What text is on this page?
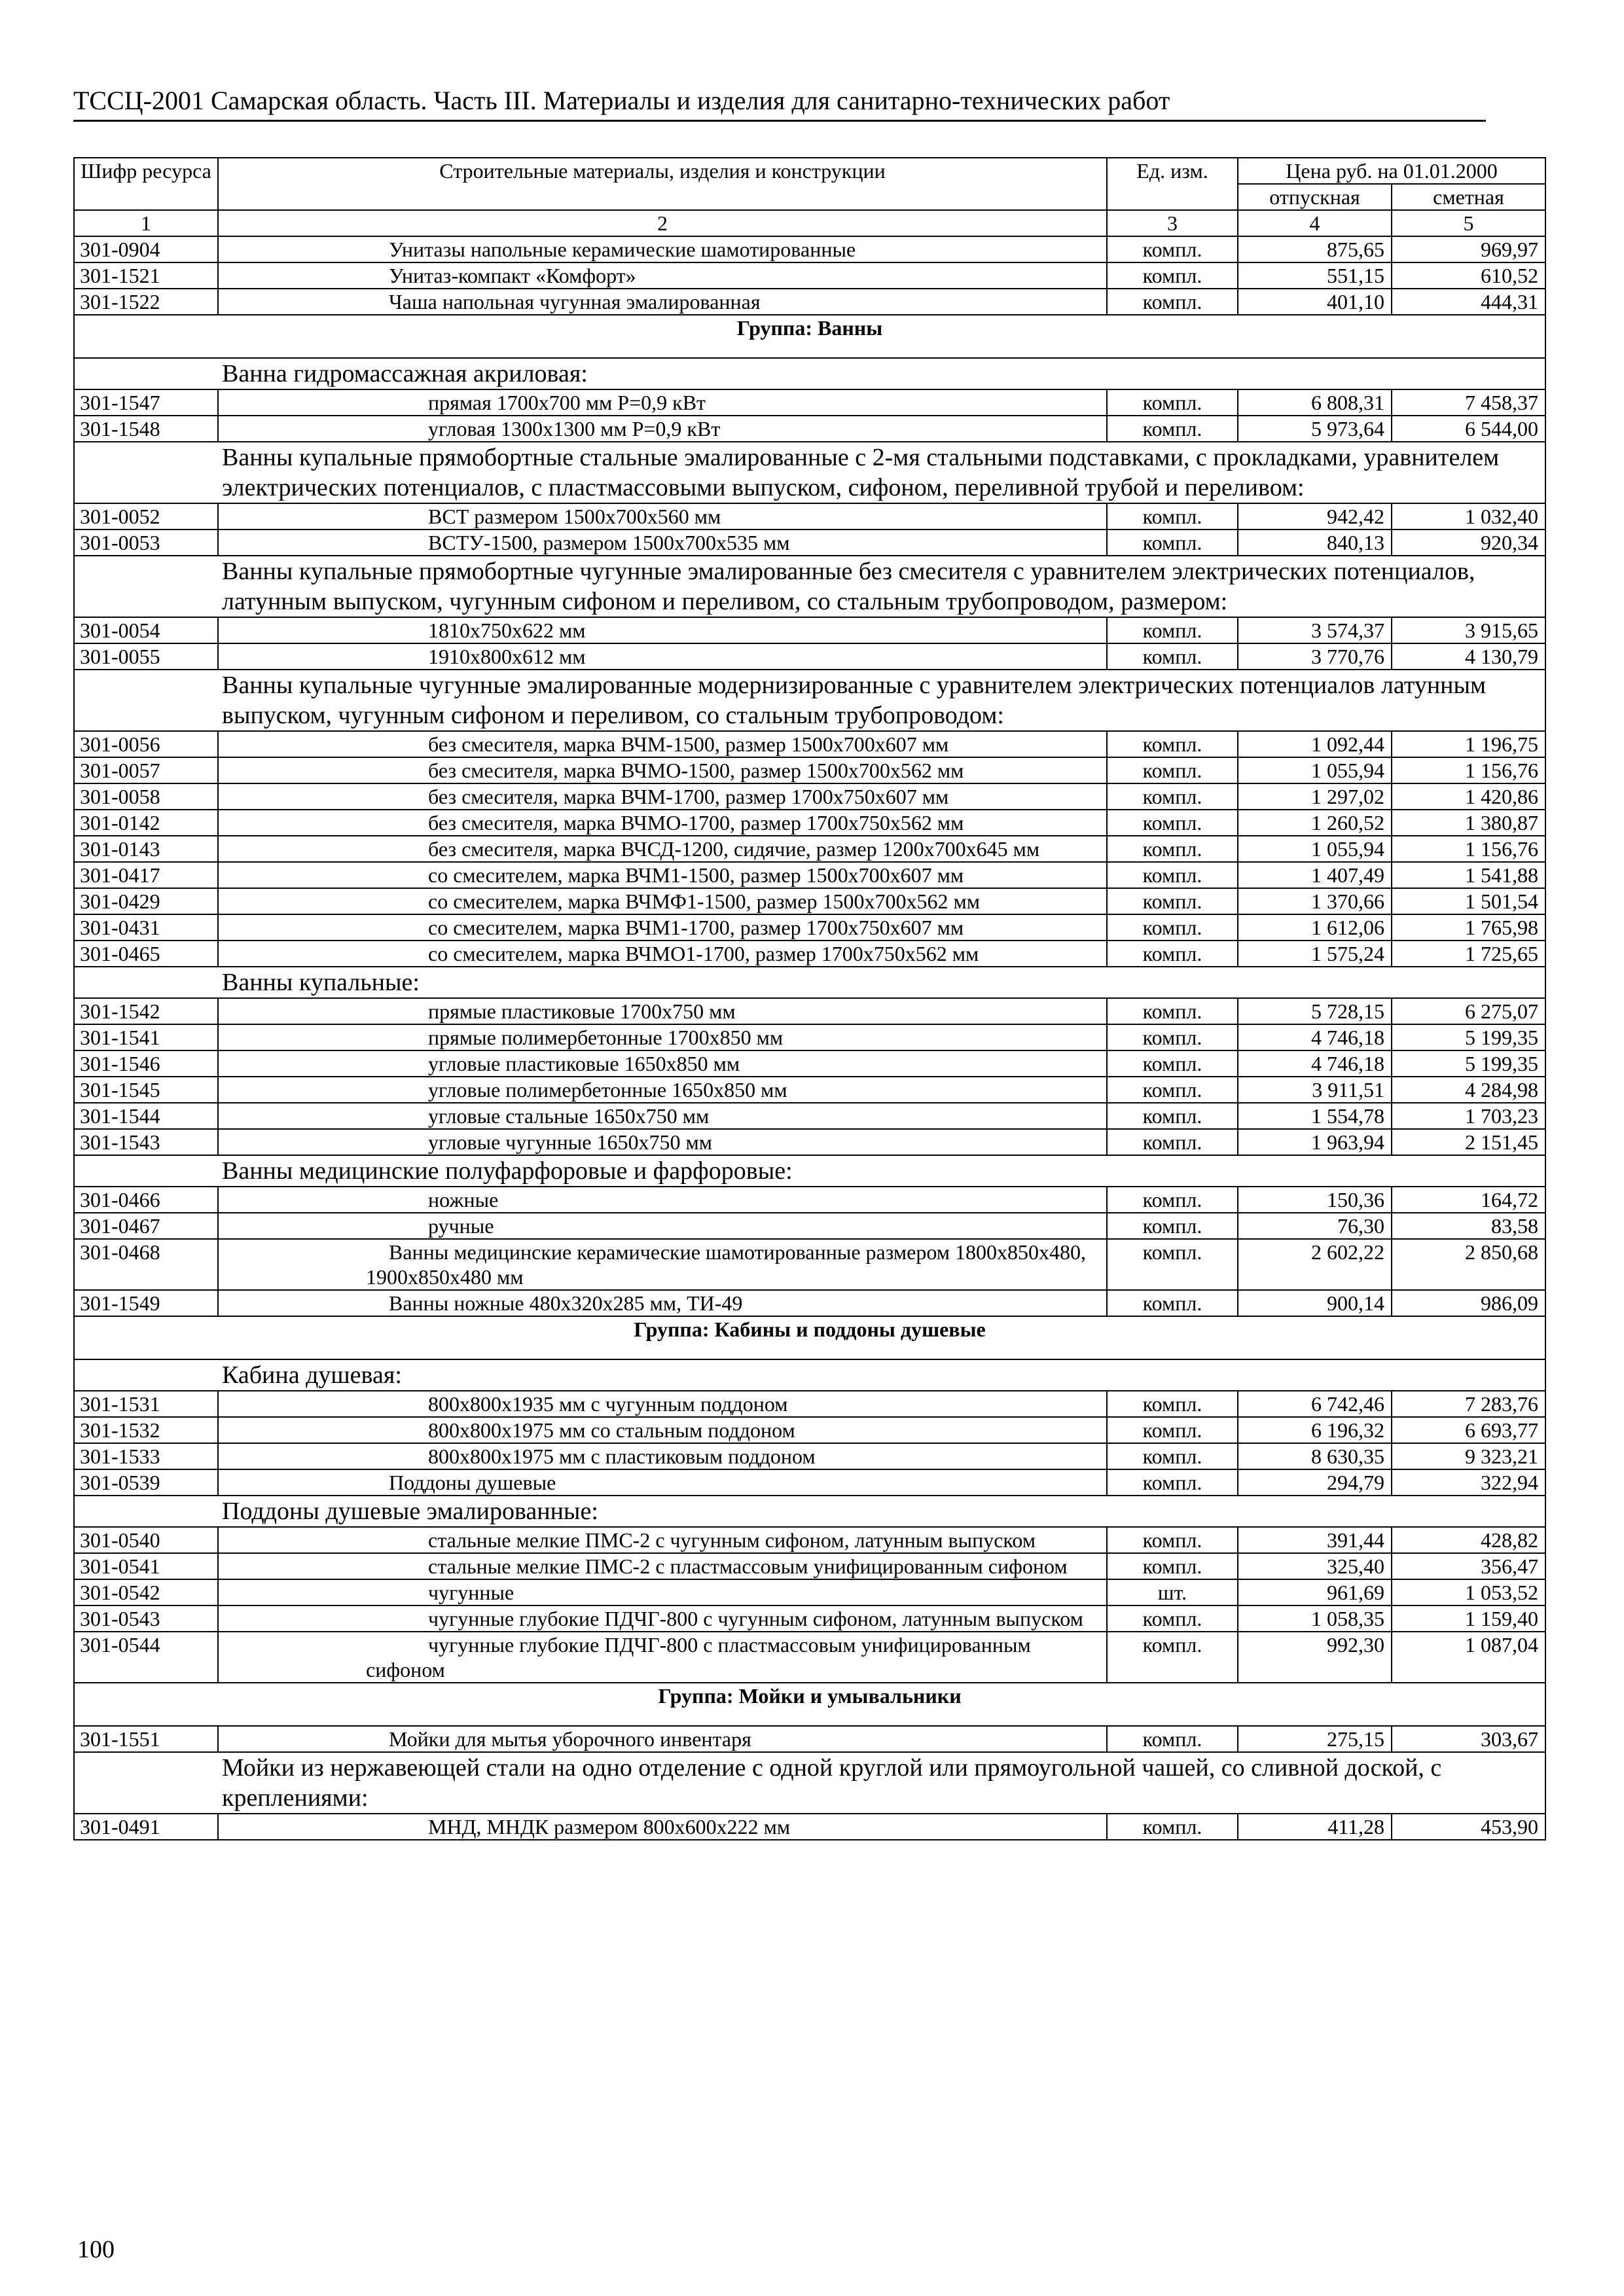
ТССЦ-2001 Самарская область. Часть III. Материалы и изделия для санитарно-технических работ
Шифр ресурса	Строительные материалы, изделия и конструкции	Ед. изм.	Цена руб. на 01.01.2000	
			отпускная	сметная
1	2	3	4	5
301-0904	Унитазы напольные керамические шамотированные	компл.	875,65	969,97
301-1521	Унитаз-компакт «Комфорт»	компл.	551,15	610,52
301-1522	Чаша напольная чугунная эмалированная	компл.	401,10	444,31
Группа: Ванны				
Ванна гидромассажная акриловая:				
301-1547	прямая 1700х700 мм Р=0,9 кВт	компл.	6 808,31	7 458,37
301-1548	угловая 1300х1300 мм Р=0,9 кВт	компл.	5 973,64	6 544,00
Ванны купальные прямобортные стальные эмалированные с 2-мя стальными подставками, с прокладками, уравнителем электрических потенциалов, с пластмассовыми выпуском, сифоном, переливной трубой и переливом:				
301-0052	ВСТ размером 1500х700х560 мм	компл.	942,42	1 032,40
301-0053	ВСТУ-1500, размером 1500х700х535 мм	компл.	840,13	920,34
Ванны купальные прямобортные чугунные эмалированные без смесителя с уравнителем электрических потенциалов, латунным выпуском, чугунным сифоном и переливом, со стальным трубопроводом, размером:				
301-0054	1810х750х622 мм	компл.	3 574,37	3 915,65
301-0055	1910х800х612 мм	компл.	3 770,76	4 130,79
Ванны купальные чугунные эмалированные модернизированные с уравнителем электрических потенциалов латунным выпуском, чугунным сифоном и переливом, со стальным трубопроводом:				
301-0056	без смесителя, марка ВЧМ-1500, размер 1500х700х607 мм	компл.	1 092,44	1 196,75
301-0057	без смесителя, марка ВЧМО-1500, размер 1500х700х562 мм	компл.	1 055,94	1 156,76
301-0058	без смесителя, марка ВЧМ-1700, размер 1700х750х607 мм	компл.	1 297,02	1 420,86
301-0142	без смесителя, марка ВЧМО-1700, размер 1700х750х562 мм	компл.	1 260,52	1 380,87
301-0143	без смесителя, марка ВЧСД-1200, сидячие, размер 1200х700х645 мм	компл.	1 055,94	1 156,76
301-0417	со смесителем, марка ВЧМ1-1500, размер 1500х700х607 мм	компл.	1 407,49	1 541,88
301-0429	со смесителем, марка ВЧМФ1-1500, размер 1500х700х562 мм	компл.	1 370,66	1 501,54
301-0431	со смесителем, марка ВЧМ1-1700, размер 1700х750х607 мм	компл.	1 612,06	1 765,98
301-0465	со смесителем, марка ВЧМО1-1700, размер 1700х750х562 мм	компл.	1 575,24	1 725,65
Ванны купальные:				
301-1542	прямые пластиковые 1700х750 мм	компл.	5 728,15	6 275,07
301-1541	прямые полимербетонные 1700х850 мм	компл.	4 746,18	5 199,35
301-1546	угловые пластиковые 1650х850 мм	компл.	4 746,18	5 199,35
301-1545	угловые полимербетонные 1650х850 мм	компл.	3 911,51	4 284,98
301-1544	угловые стальные 1650х750 мм	компл.	1 554,78	1 703,23
301-1543	угловые чугунные 1650х750 мм	компл.	1 963,94	2 151,45
Ванны медицинские полуфарфоровые и фарфоровые:				
301-0466	ножные	компл.	150,36	164,72
301-0467	ручные	компл.	76,30	83,58
301-0468	Ванны медицинские керамические шамотированные размером 1800х850х480, 1900х850х480 мм	компл.	2 602,22	2 850,68
301-1549	Ванны ножные 480х320х285 мм, ТИ-49	компл.	900,14	986,09
Группа: Кабины и поддоны душевые				
Кабина душевая:				
301-1531	800х800х1935 мм с чугунным поддоном	компл.	6 742,46	7 283,76
301-1532	800х800х1975 мм со стальным поддоном	компл.	6 196,32	6 693,77
301-1533	800х800х1975 мм с пластиковым поддоном	компл.	8 630,35	9 323,21
301-0539	Поддоны душевые	компл.	294,79	322,94
Поддоны душевые эмалированные:				
301-0540	стальные мелкие ПМС-2 с чугунным сифоном, латунным выпуском	компл.	391,44	428,82
301-0541	стальные мелкие ПМС-2 с пластмассовым унифицированным сифоном	компл.	325,40	356,47
301-0542	чугунные	шт.	961,69	1 053,52
301-0543	чугунные глубокие ПДЧГ-800 с чугунным сифоном, латунным выпуском	компл.	1 058,35	1 159,40
301-0544	чугунные глубокие ПДЧГ-800 с пластмассовым унифицированным сифоном	компл.	992,30	1 087,04
Группа: Мойки и умывальники				
301-1551	Мойки для мытья уборочного инвентаря	компл.	275,15	303,67
Мойки из нержавеющей стали на одно отделение с одной круглой или прямоугольной чашей, со сливной доской, с креплениями:				
301-0491	МНД, МНДК размером 800х600х222 мм	компл.	411,28	453,90
100
